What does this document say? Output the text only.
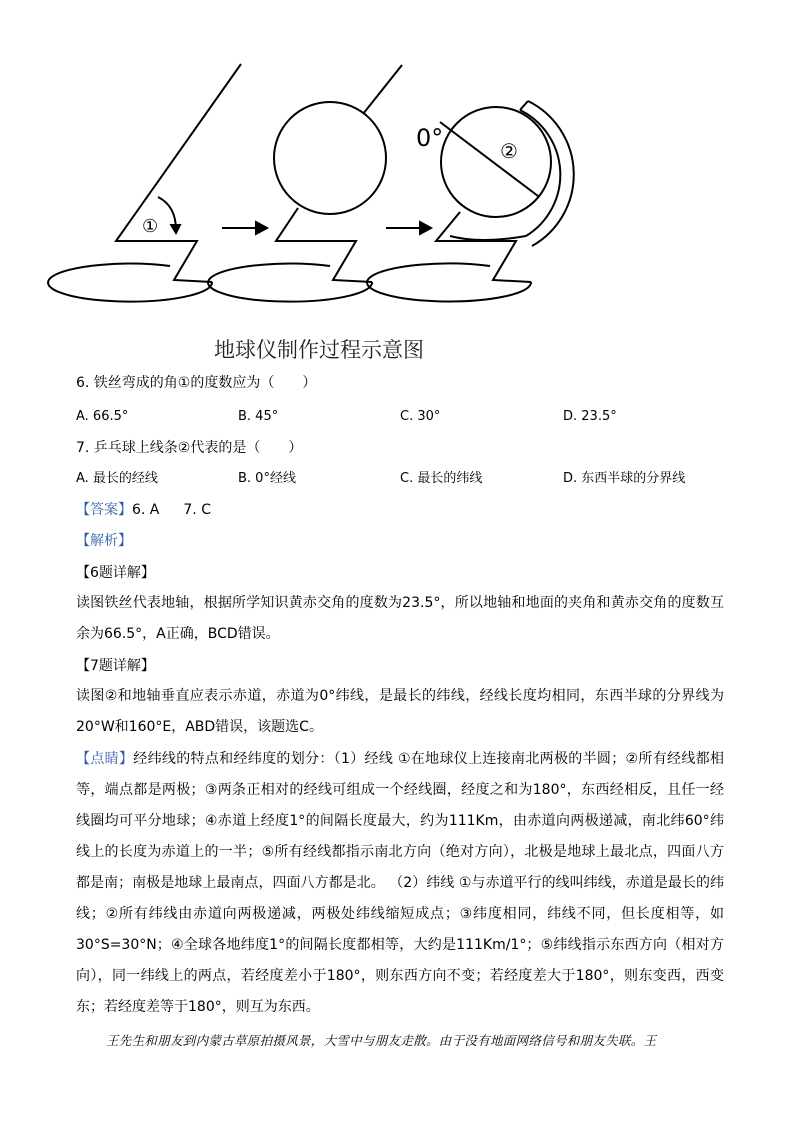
①
②
0°
地球仪制作过程示意图
6. 铁丝弯成的角①的度数应为（　　）
A. 66.5°	B. 45°	C. 30°	D. 23.5°
7. 乒乓球上线条②代表的是（　　）
A. 最长的经线	B. 0°经线	C. 最长的纬线	D. 东西半球的分界线
【答案】6. A 7. C
【解析】
【6题详解】
读图铁丝代表地轴，根据所学知识黄赤交角的度数为23.5°，所以地轴和地面的夹角和黄赤交角的度数互余为66.5°，A正确，BCD错误。
【7题详解】
读图②和地轴垂直应表示赤道，赤道为0°纬线，是最长的纬线，经线长度均相同，东西半球的分界线为20°W和160°E，ABD错误，该题选C。
【点睛】经纬线的特点和经纬度的划分：（1）经线 ①在地球仪上连接南北两极的半圆；②所有经线都相等，端点都是两极；③两条正相对的经线可组成一个经线圈，经度之和为180°，东西经相反，且任一经线圈均可平分地球；④赤道上经度1°的间隔长度最大，约为111Km，由赤道向两极递减，南北纬60°纬线上的长度为赤道上的一半；⑤所有经线都指示南北方向（绝对方向），北极是地球上最北点，四面八方都是南；南极是地球上最南点，四面八方都是北。 （2）纬线 ①与赤道平行的线叫纬线，赤道是最长的纬线；②所有纬线由赤道向两极递减，两极处纬线缩短成点；③纬度相同，纬线不同，但长度相等，如30°S=30°N；④全球各地纬度1°的间隔长度都相等，大约是111Km/1°；⑤纬线指示东西方向（相对方向），同一纬线上的两点，若经度差小于180°，则东西方向不变；若经度差大于180°，则东变西，西变东；若经度差等于180°，则互为东西。
王先生和朋友到内蒙古草原拍摄风景，大雪中与朋友走散。由于没有地面网络信号和朋友失联。王
